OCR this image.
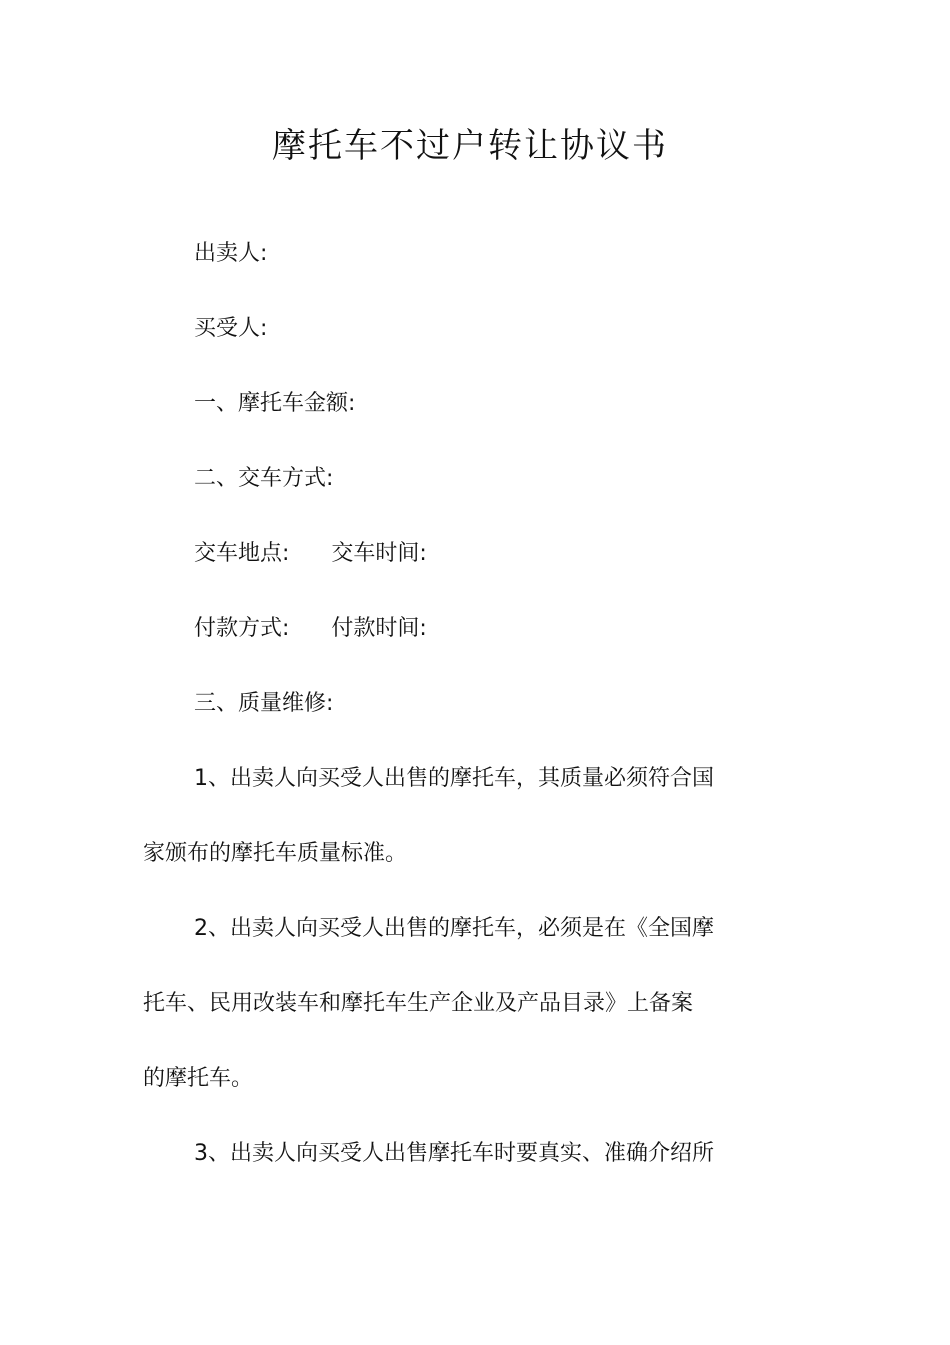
摩托车不过户转让协议书

出卖人:

买受人:

一、摩托车金额:

二、交车方式:

交车地点: 交车时间:

付款方式: 付款时间:

三、质量维修:

1、出卖人向买受人出售的摩托车，其质量必须符合国

家颁布的摩托车质量标准。

2、出卖人向买受人出售的摩托车，必须是在《全国摩

托车、民用改装车和摩托车生产企业及产品目录》上备案

的摩托车。

3、出卖人向买受人出售摩托车时要真实、准确介绍所
